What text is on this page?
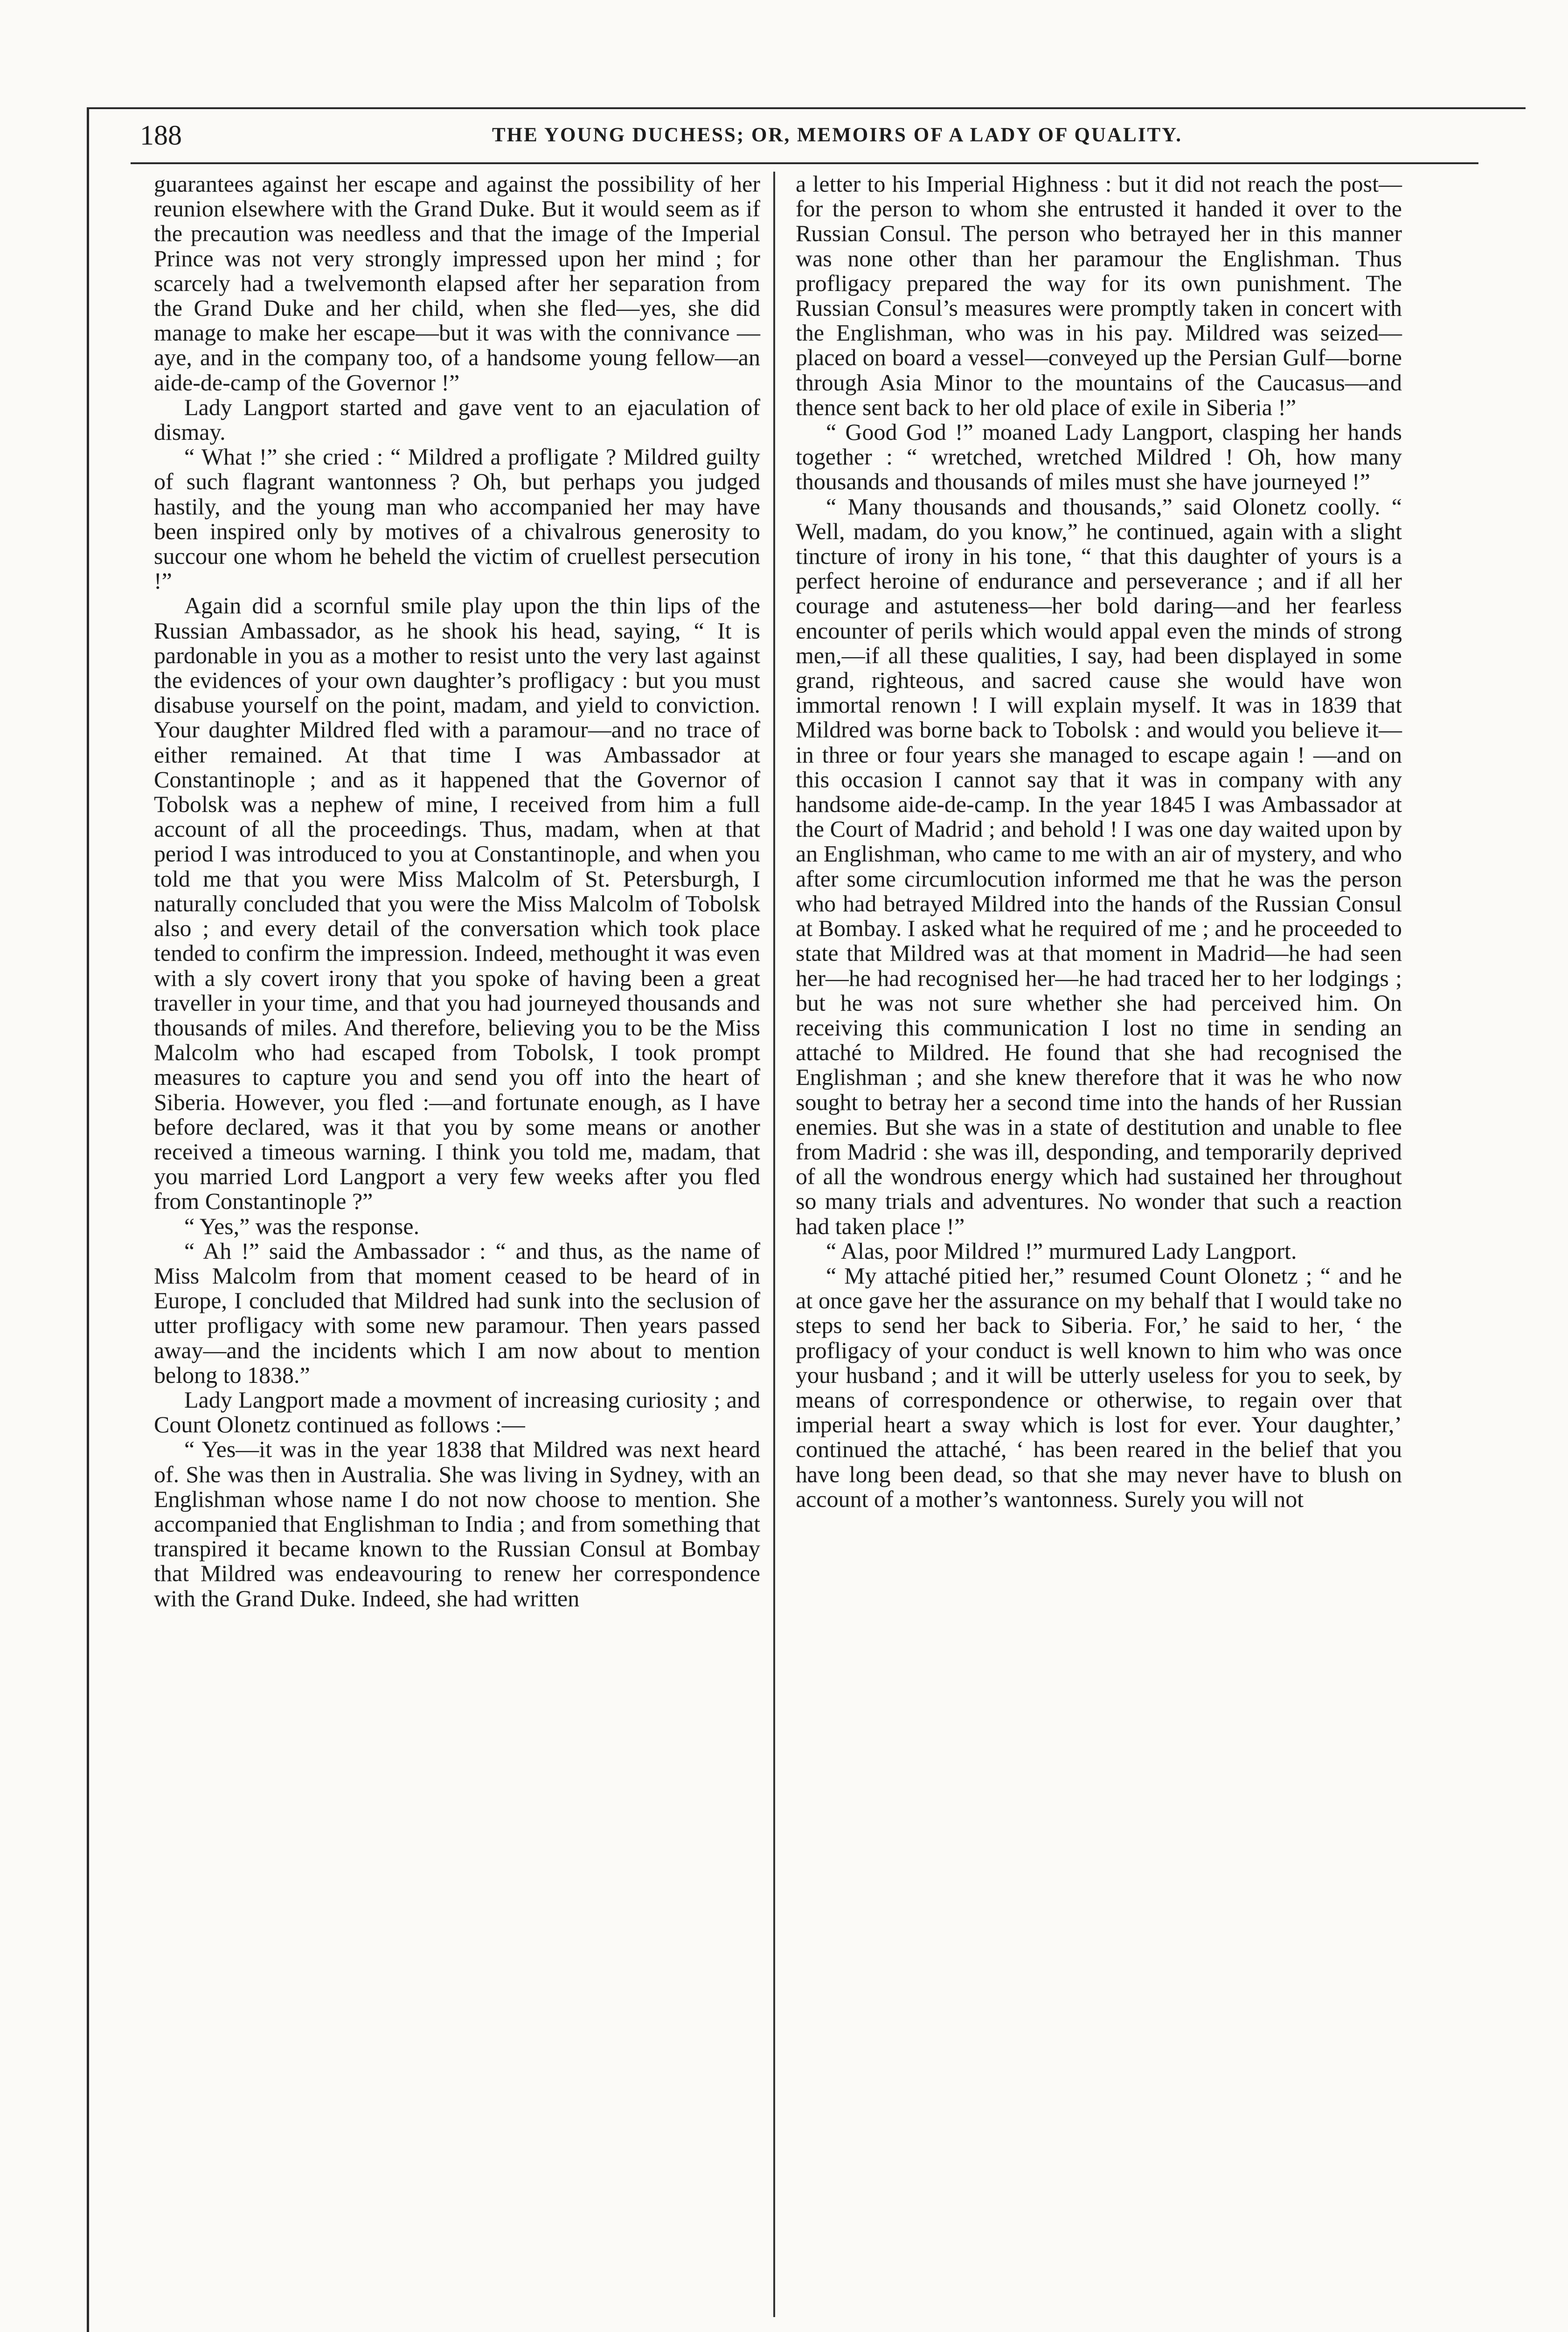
188	THE YOUNG DUCHESS; OR, MEMOIRS OF A LADY OF QUALITY.

guarantees against her escape and against the possibility of her reunion elsewhere with the Grand Duke. But it would seem as if the precaution was needless and that the image of the Imperial Prince was not very strongly impressed upon her mind ; for scarcely had a twelvemonth elapsed after her separation from the Grand Duke and her child, when she fled—yes, she did manage to make her escape—but it was with the connivance —aye, and in the company too, of a handsome young fellow—an aide-de-camp of the Governor !”

Lady Langport started and gave vent to an ejaculation of dismay.

“ What !” she cried : “ Mildred a profligate ? Mildred guilty of such flagrant wantonness ? Oh, but perhaps you judged hastily, and the young man who accompanied her may have been inspired only by motives of a chivalrous generosity to succour one whom he beheld the victim of cruellest persecution !”

Again did a scornful smile play upon the thin lips of the Russian Ambassador, as he shook his head, saying, “ It is pardonable in you as a mother to resist unto the very last against the evidences of your own daughter’s profligacy : but you must disabuse yourself on the point, madam, and yield to conviction. Your daughter Mildred fled with a paramour—and no trace of either remained. At that time I was Ambassador at Constantinople ; and as it happened that the Governor of Tobolsk was a nephew of mine, I received from him a full account of all the proceedings. Thus, madam, when at that period I was introduced to you at Constantinople, and when you told me that you were Miss Malcolm of St. Petersburgh, I naturally concluded that you were the Miss Malcolm of Tobolsk also ; and every detail of the conversation which took place tended to confirm the impression. Indeed, methought it was even with a sly covert irony that you spoke of having been a great traveller in your time, and that you had journeyed thousands and thousands of miles. And therefore, believing you to be the Miss Malcolm who had escaped from Tobolsk, I took prompt measures to capture you and send you off into the heart of Siberia. However, you fled :—and fortunate enough, as I have before declared, was it that you by some means or another received a timeous warning. I think you told me, madam, that you married Lord Langport a very few weeks after you fled from Constantinople ?”

“ Yes,” was the response.

“ Ah !” said the Ambassador : “ and thus, as the name of Miss Malcolm from that moment ceased to be heard of in Europe, I concluded that Mildred had sunk into the seclusion of utter profligacy with some new paramour. Then years passed away—and the incidents which I am now about to mention belong to 1838.”

Lady Langport made a movment of increasing curiosity ; and Count Olonetz continued as follows :—

“ Yes—it was in the year 1838 that Mildred was next heard of. She was then in Australia. She was living in Sydney, with an Englishman whose name I do not now choose to mention. She accompanied that Englishman to India ; and from something that transpired it became known to the Russian Consul at Bombay that Mildred was endeavouring to renew her correspondence with the Grand Duke. Indeed, she had written

a letter to his Imperial Highness : but it did not reach the post—for the person to whom she entrusted it handed it over to the Russian Consul. The person who betrayed her in this manner was none other than her paramour the Englishman. Thus profligacy prepared the way for its own punishment. The Russian Consul’s measures were promptly taken in concert with the Englishman, who was in his pay. Mildred was seized—placed on board a vessel—conveyed up the Persian Gulf—borne through Asia Minor to the mountains of the Caucasus—and thence sent back to her old place of exile in Siberia !”

“ Good God !” moaned Lady Langport, clasping her hands together : “ wretched, wretched Mildred ! Oh, how many thousands and thousands of miles must she have journeyed !”

“ Many thousands and thousands,” said Olonetz coolly. “ Well, madam, do you know,” he continued, again with a slight tincture of irony in his tone, “ that this daughter of yours is a perfect heroine of endurance and perseverance ; and if all her courage and astuteness—her bold daring—and her fearless encounter of perils which would appal even the minds of strong men,—if all these qualities, I say, had been displayed in some grand, righteous, and sacred cause she would have won immortal renown ! I will explain myself. It was in 1839 that Mildred was borne back to Tobolsk : and would you believe it—in three or four years she managed to escape again ! —and on this occasion I cannot say that it was in company with any handsome aide-de-camp. In the year 1845 I was Ambassador at the Court of Madrid ; and behold ! I was one day waited upon by an Englishman, who came to me with an air of mystery, and who after some circumlocution informed me that he was the person who had betrayed Mildred into the hands of the Russian Consul at Bombay. I asked what he required of me ; and he proceeded to state that Mildred was at that moment in Madrid—he had seen her—he had recognised her—he had traced her to her lodgings ; but he was not sure whether she had perceived him. On receiving this communication I lost no time in sending an attaché to Mildred. He found that she had recognised the Englishman ; and she knew therefore that it was he who now sought to betray her a second time into the hands of her Russian enemies. But she was in a state of destitution and unable to flee from Madrid : she was ill, desponding, and temporarily deprived of all the wondrous energy which had sustained her throughout so many trials and adventures. No wonder that such a reaction had taken place !”

“ Alas, poor Mildred !” murmured Lady Langport.

“ My attaché pitied her,” resumed Count Olonetz ; “ and he at once gave her the assurance on my behalf that I would take no steps to send her back to Siberia. For,’ he said to her, ‘ the profligacy of your conduct is well known to him who was once your husband ; and it will be utterly useless for you to seek, by means of correspondence or otherwise, to regain over that imperial heart a sway which is lost for ever. Your daughter,’ continued the attaché, ‘ has been reared in the belief that you have long been dead, so that she may never have to blush on account of a mother’s wantonness. Surely you will not
